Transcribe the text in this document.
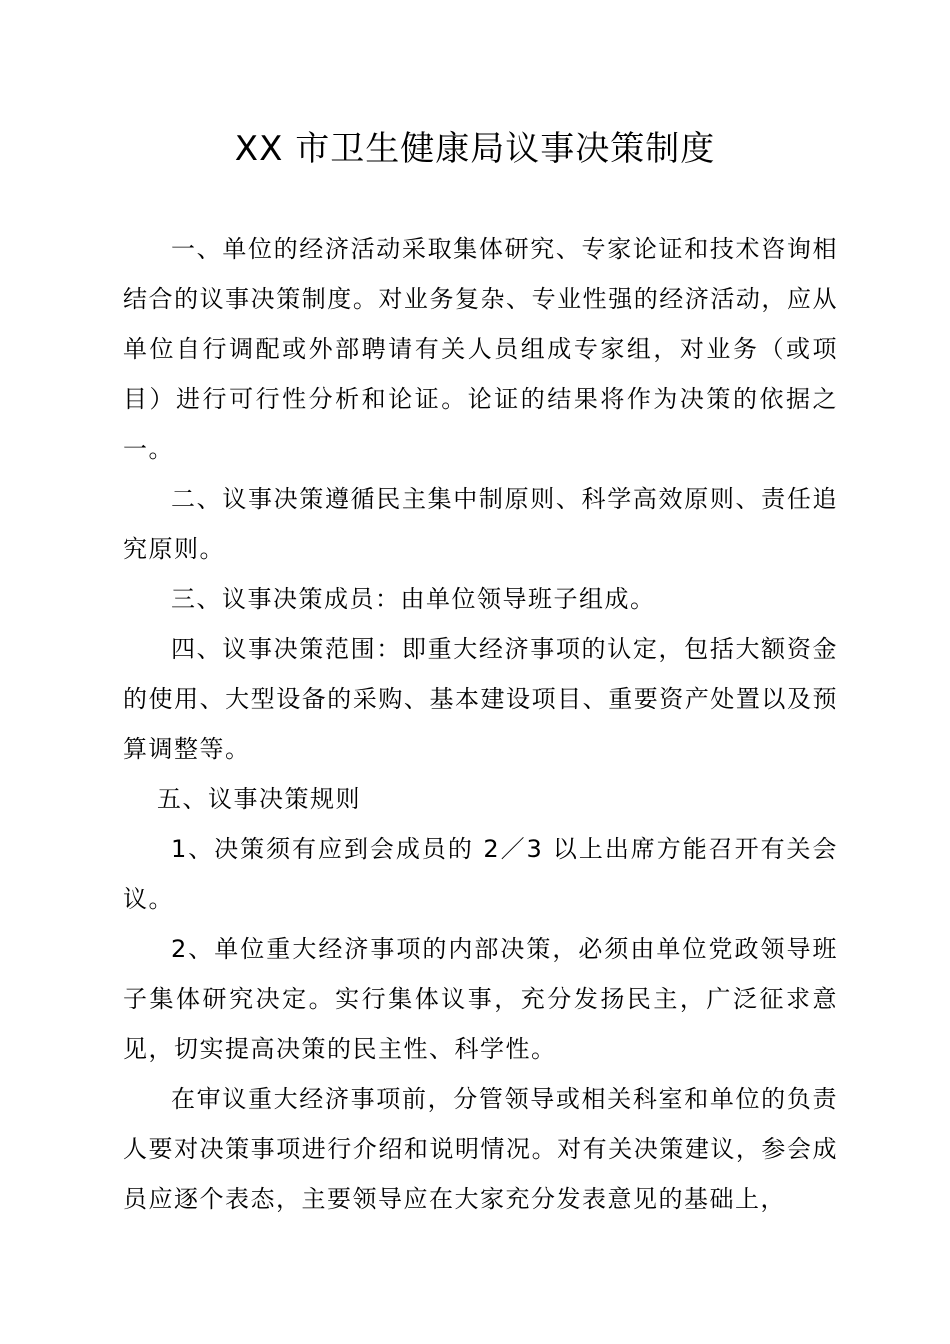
XX 市卫生健康局议事决策制度

一、单位的经济活动采取集体研究、专家论证和技术咨询相结合的议事决策制度。对业务复杂、专业性强的经济活动，应从单位自行调配或外部聘请有关人员组成专家组，对业务（或项目）进行可行性分析和论证。论证的结果将作为决策的依据之一。

二、议事决策遵循民主集中制原则、科学高效原则、责任追究原则。

三、议事决策成员：由单位领导班子组成。

四、议事决策范围：即重大经济事项的认定，包括大额资金的使用、大型设备的采购、基本建设项目、重要资产处置以及预算调整等。

五、议事决策规则

1、决策须有应到会成员的 2／3 以上出席方能召开有关会议。

2、单位重大经济事项的内部决策，必须由单位党政领导班子集体研究决定。实行集体议事，充分发扬民主，广泛征求意见，切实提高决策的民主性、科学性。

在审议重大经济事项前，分管领导或相关科室和单位的负责人要对决策事项进行介绍和说明情况。对有关决策建议，参会成员应逐个表态，主要领导应在大家充分发表意见的基础上，
